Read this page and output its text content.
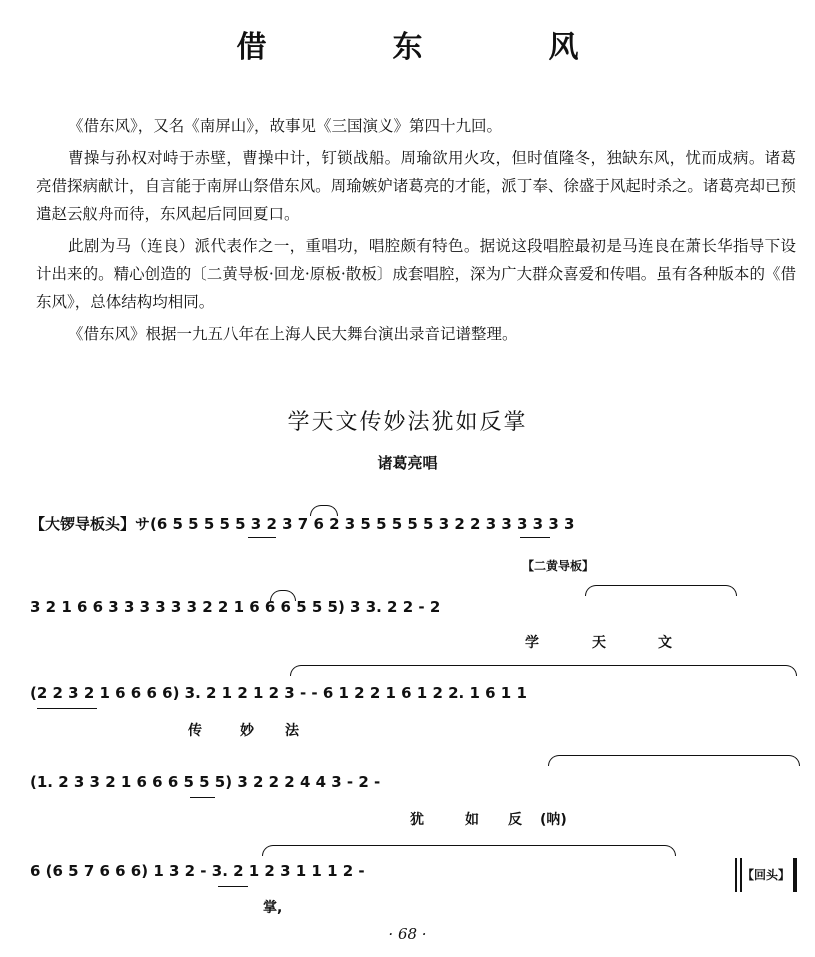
借　东　风

《借东风》，又名《南屏山》，故事见《三国演义》第四十九回。

曹操与孙权对峙于赤壁，曹操中计，钉锁战船。周瑜欲用火攻，但时值隆冬，独缺东风，忧而成病。诸葛亮借探病献计，自言能于南屏山祭借东风。周瑜嫉妒诸葛亮的才能，派丁奉、徐盛于风起时杀之。诸葛亮却已预遣赵云舣舟而待，东风起后同回夏口。

此剧为马（连良）派代表作之一，重唱功，唱腔颇有特色。据说这段唱腔最初是马连良在萧长华指导下设计出来的。精心创造的〔二黄导板·回龙·原板·散板〕成套唱腔，深为广大群众喜爱和传唱。虽有各种版本的《借东风》，总体结构均相同。

《借东风》根据一九五八年在上海人民大舞台演出录音记谱整理。

学天文传妙法犹如反掌
诸葛亮唱
【大锣导板头】サ(6 5 5 5 5 5 3 2 3 7 6 2 3 5 5 5 5 5 3 2 2 3 3 3 3 3 3
【二黄导板】
3 2 1 6 6 3 3 3 3 3 3 2 2 1 6 6 6 5 5 5) 3 3. 2 2 - 2
学	天	文
(2 2 3 2 1 6 6 6 6) 3. 2 1 2 1 2 3 - - 6 1 2 2 1 6 1 2 2. 1 6 1 1
传	妙 法
(1. 2 3 3 2 1 6 6 6 5 5 5) 3 2 2 2 4 4 3 - 2 -
犹	如 反 (呐)
6 (6 5 7 6 6 6) 1 3 2 - 3. 2 1 2 3 1 1 1 2 -
掌,
【回头】
· 68 ·
